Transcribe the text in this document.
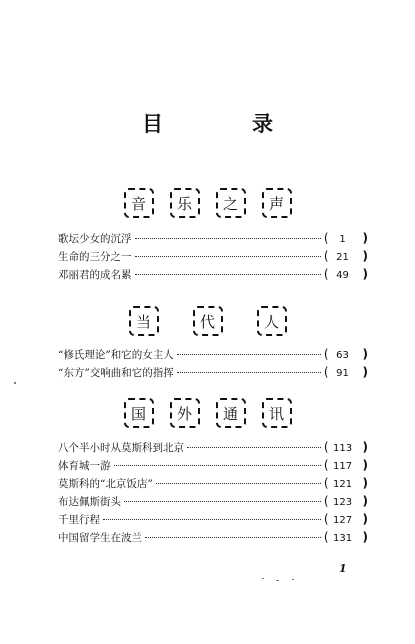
目　录
音	乐	之	声
歌坛少女的沉浮	(	1	)
生命的三分之一	( 21	)
邓丽君的成名累	( 49	)
当	代	人
“修氏理论”和它的女主人	( 63	)
“东方”交响曲和它的指挥	( 91	)
国	外	通	讯
八个半小时从莫斯科到北京	( 113 )
体育城一游	( 117 )
莫斯科的“北京饭店”	( 121 )
布达佩斯街头	( 123 )
千里行程	( 127 )
中国留学生在波兰	( 131 )
1
